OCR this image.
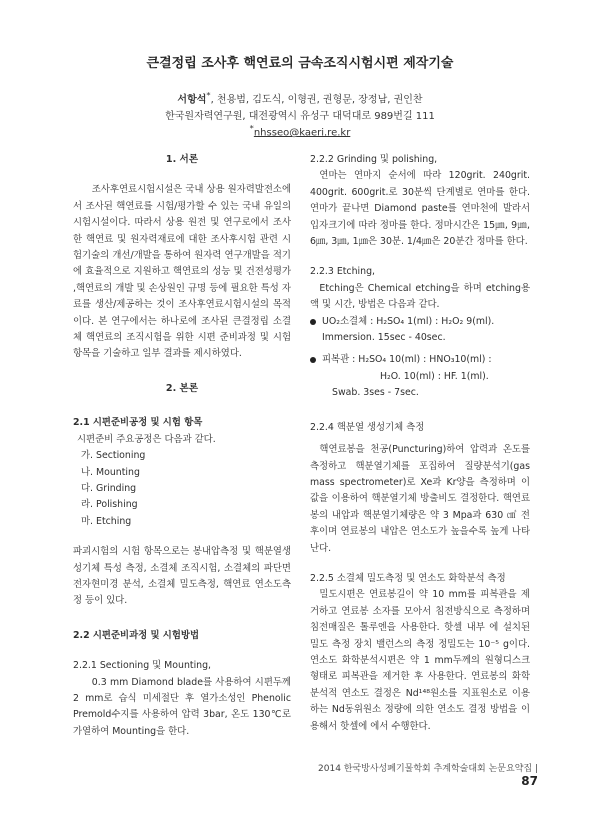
큰결정립 조사후 핵연료의 금속조직시험시편 제작기술
서항석*, 천용범, 김도식, 이형권, 권형문, 장정남, 권인찬
한국원자력연구원, 대전광역시 유성구 대덕대로 989번길 111
*nhsseo@kaeri.re.kr

1. 서론

조사후연료시험시설은 국내 상용 원자력발전소에서 조사된 핵연료를 시험/평가할 수 있는 국내 유일의 시험시설이다. 따라서 상용 원전 및 연구로에서 조사한 핵연료 및 원자력재료에 대한 조사후시험 관련 시험기술의 개선/개발을 통하여 원자력 연구개발을 적기에 효율적으로 지원하고 핵연료의 성능 및 건전성평가 ,핵연료의 개발 및 손상원인 규명 등에 필요한 특성 자료를 생산/제공하는 것이 조사후연료시험시설의 목적이다. 본 연구에서는 하나로에 조사된 큰결정립 소결체 핵연료의 조직시험을 위한 시편 준비과정 및 시험항목을 기술하고 일부 결과를 제시하였다.

2. 본론

2.1 시편준비공정 및 시험 항목

시편준비 주요공정은 다음과 같다.

가. Sectioning
나. Mounting
다. Grinding
라. Polishing
마. Etching

파괴시험의 시험 항목으로는 봉내압측정 및 핵분열생성기체 특성 측정, 소결체 조직시험, 소결체의 파단면 전자현미경 분석, 소결체 밀도측정, 핵연료 연소도측정 등이 있다.

2.2 시편준비과정 및 시험방법

2.2.1 Sectioning 및 Mounting,

0.3 mm Diamond blade를 사용하여 시편두께 2 mm로 습식 미세절단 후 열가소성인 Phenolic Premold수지를 사용하여 압력 3bar, 온도 130℃로 가열하여 Mounting을 한다.

2.2.2 Grinding 및 polishing,

연마는 연마지 순서에 따라 120grit. 240grit. 400grit. 600grit.로 30분씩 단계별로 연마를 한다. 연마가 끝나면 Diamond paste를 연마천에 발라서 입자크기에 따라 정마를 한다. 정마시간은 15㎛, 9㎛, 6㎛, 3㎛, 1㎛은 30분. 1/4㎛은 20분간 정마를 한다.

2.2.3 Etching,

Etching은 Chemical etching을 하며 etching용액 및 시간, 방법은 다음과 같다.

UO₂소결체 : H₂SO₄ 1(ml) : H₂O₂ 9(ml).
Immersion. 15sec - 40sec.
피복관 : H₂SO₄ 10(ml) : HNO₃10(ml) :
H₂O. 10(ml) : HF. 1(ml).
Swab. 3ses - 7sec.

2.2.4 핵분열 생성기체 측정

핵연료봉을 천공(Puncturing)하여 압력과 온도를 측정하고 핵분열기체를 포집하여 질량분석기(gas mass spectrometer)로 Xe과 Kr양을 측정하며 이 값을 이용하여 핵분열기체 방출비도 결정한다. 핵연료봉의 내압과 핵분열기체량은 약 3 Mpa과 630 ㎤ 전후이며 연료봉의 내압은 연소도가 높을수록 높게 나타난다.

2.2.5 소결체 밀도측정 및 연소도 화학분석 측정

밀도시편은 연료봉길이 약 10 mm를 피복관을 제거하고 연료봉 소자를 모아서 침전방식으로 측정하며 침전매질은 톨루엔을 사용한다. 핫셀 내부 에 설치된 밀도 측정 장치 밸런스의 측정 정밀도는 10⁻⁵ g이다. 연소도 화학분석시편은 약 1 mm두께의 원형디스크 형태로 피복관을 제거한 후 사용한다. 연료봉의 화학 분석적 연소도 결정은 Nd¹⁴⁸원소를 지표원소로 이용하는 Nd동위원소 정량에 의한 연소도 결정 방법을 이용해서 핫셀에 에서 수행한다.

2014 한국방사성폐기물학회 추계학술대회 논문요약집 | 87
